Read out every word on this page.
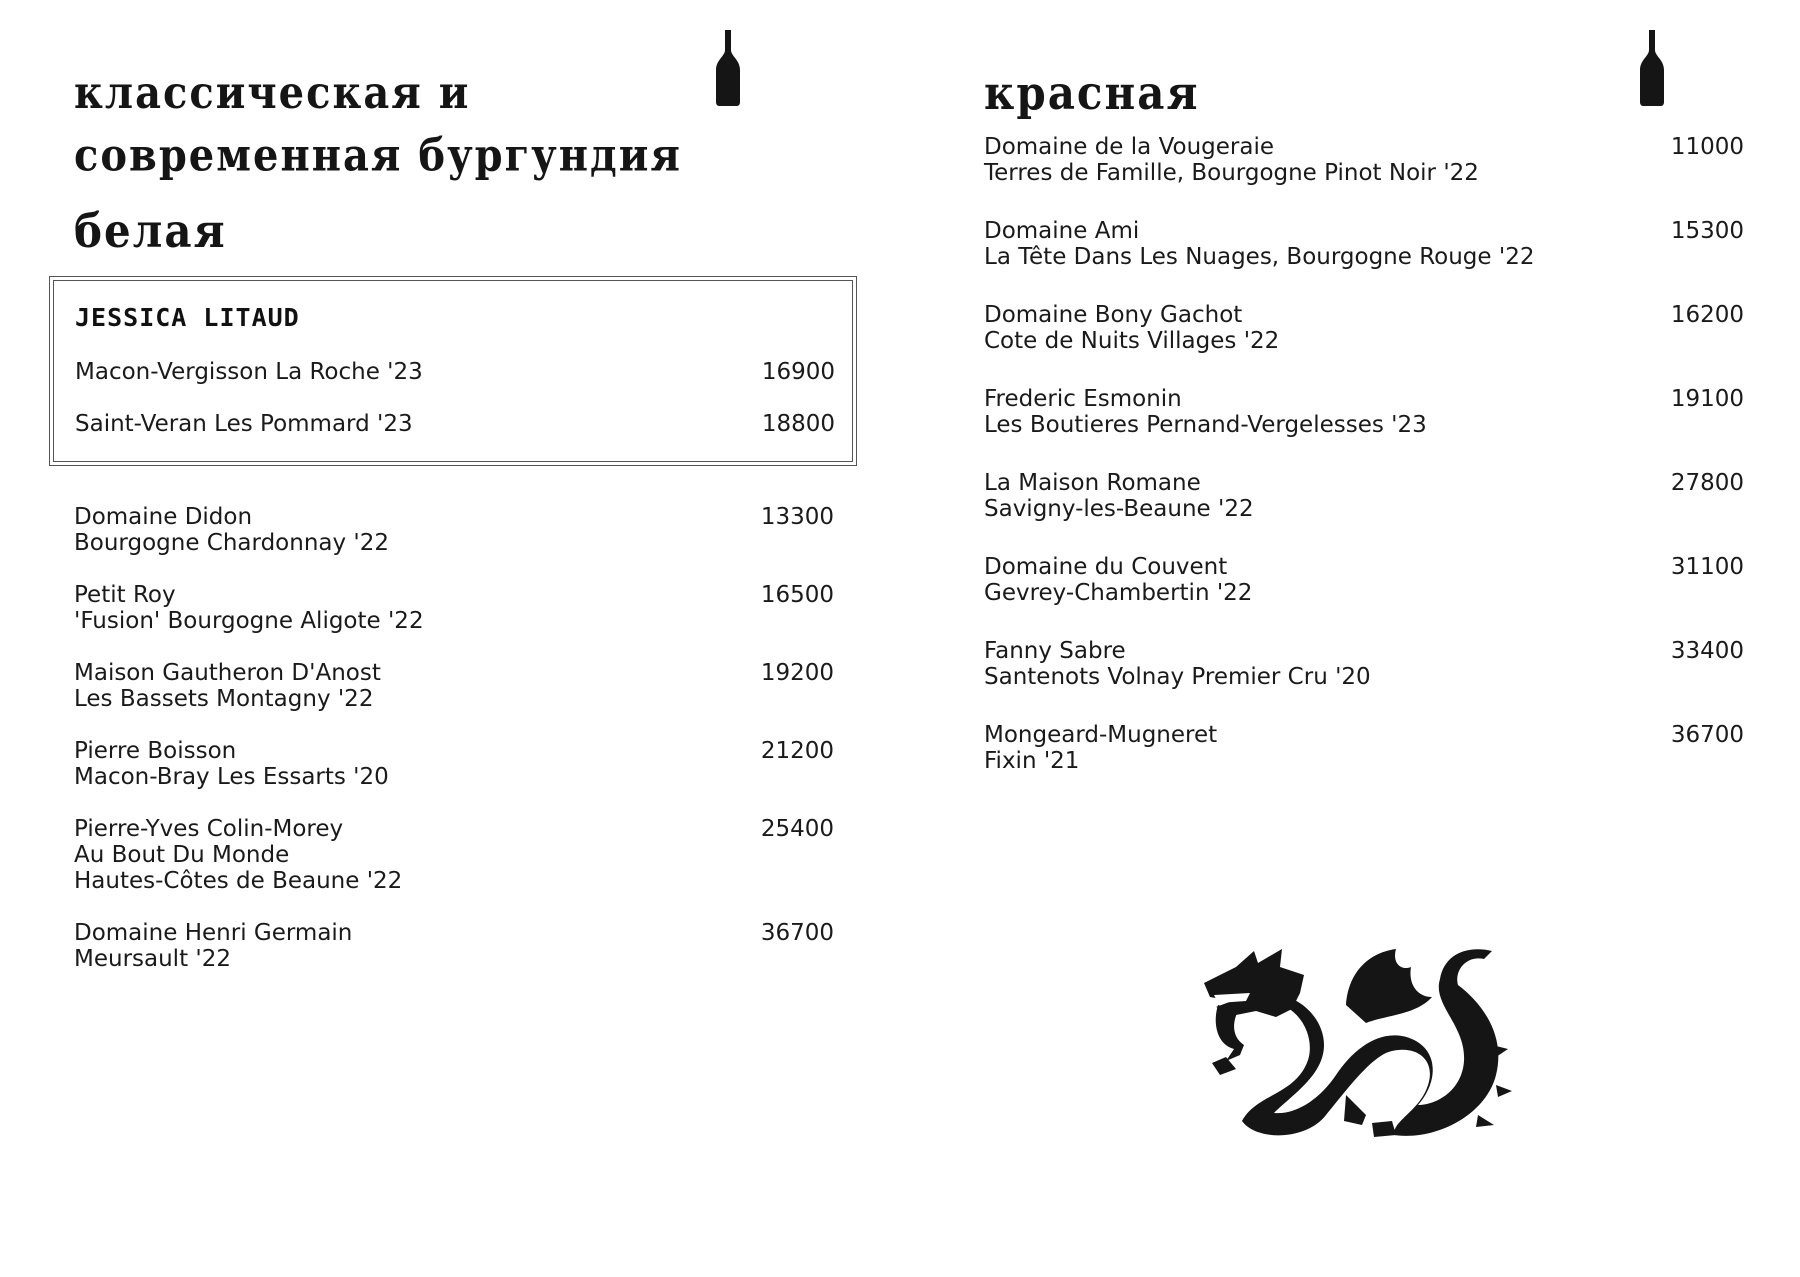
классическая и современная бургундия
белая
JESSICA LITAUD
Macon-Vergisson La Roche '23	16900
Saint-Veran Les Pommard '23	18800
Domaine Didon
Bourgogne Chardonnay '22
13300
Petit Roy
'Fusion' Bourgogne Aligote '22
16500
Maison Gautheron D'Anost
Les Bassets Montagny '22
19200
Pierre Boisson
Macon-Bray Les Essarts '20
21200
Pierre-Yves Colin-Morey
Au Bout Du Monde
Hautes-Côtes de Beaune '22
25400
Domaine Henri Germain
Meursault '22
36700
красная
Domaine de la Vougeraie
Terres de Famille, Bourgogne Pinot Noir '22
11000
Domaine Ami
La Tête Dans Les Nuages, Bourgogne Rouge '22
15300
Domaine Bony Gachot
Cote de Nuits Villages '22
16200
Frederic Esmonin
Les Boutieres Pernand-Vergelesses '23
19100
La Maison Romane
Savigny-les-Beaune '22
27800
Domaine du Couvent
Gevrey-Chambertin '22
31100
Fanny Sabre
Santenots Volnay Premier Cru '20
33400
Mongeard-Mugneret
Fixin '21
36700
